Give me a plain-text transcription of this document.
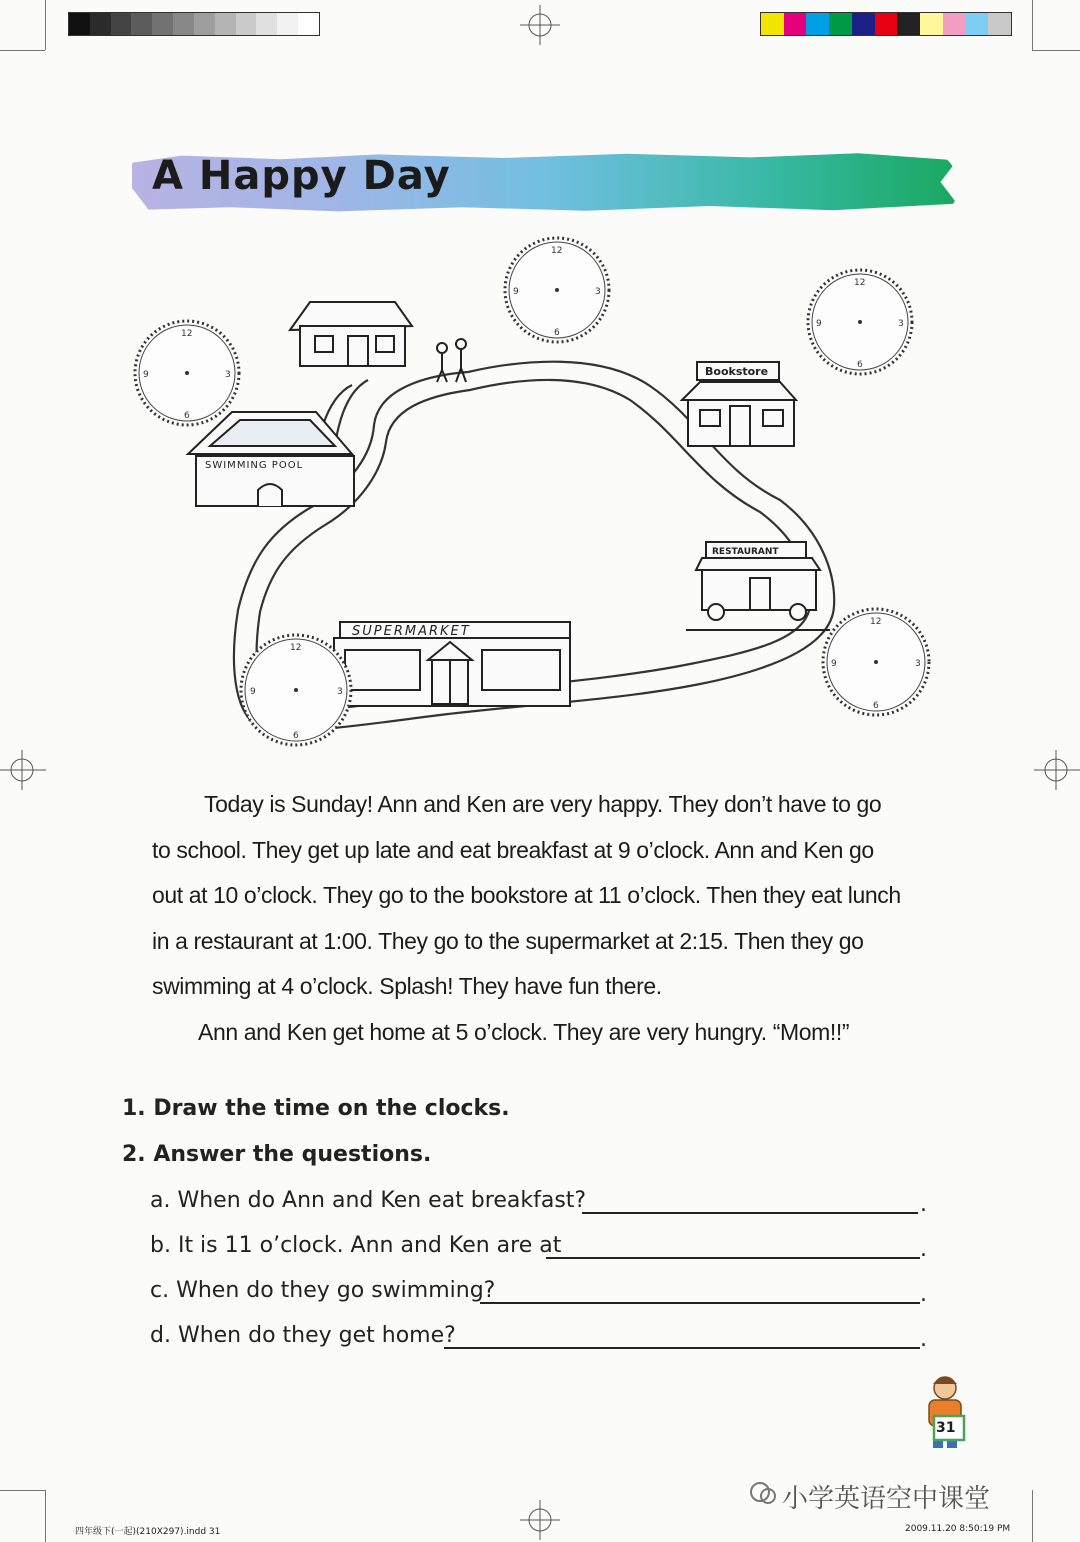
A Happy Day
SWIMMING POOL
Bookstore
RESTAURANT
SUPERMARKET
12
3
6
9
12
3
6
9
12
3
6
9
12
3
6
9
12
3
6
9

Today is Sunday! Ann and Ken are very happy. They don’t have to go

to school. They get up late and eat breakfast at 9 o’clock. Ann and Ken go

out at 10 o’clock. They go to the bookstore at 11 o’clock. Then they eat lunch

in a restaurant at 1:00. They go to the supermarket at 2:15. Then they go

swimming at 4 o’clock. Splash! They have fun there.

Ann and Ken get home at 5 o’clock. They are very hungry. “Mom!!”

1. Draw the time on the clocks.
2. Answer the questions.
a. When do Ann and Ken eat breakfast?	.
b. It is 11 o’clock. Ann and Ken are at	.
c. When do they go swimming?	.
d. When do they get home?	.
31
四年级下(一起)(210X297).indd 31	2009.11.20 8:50:19 PM
小学英语空中课堂
